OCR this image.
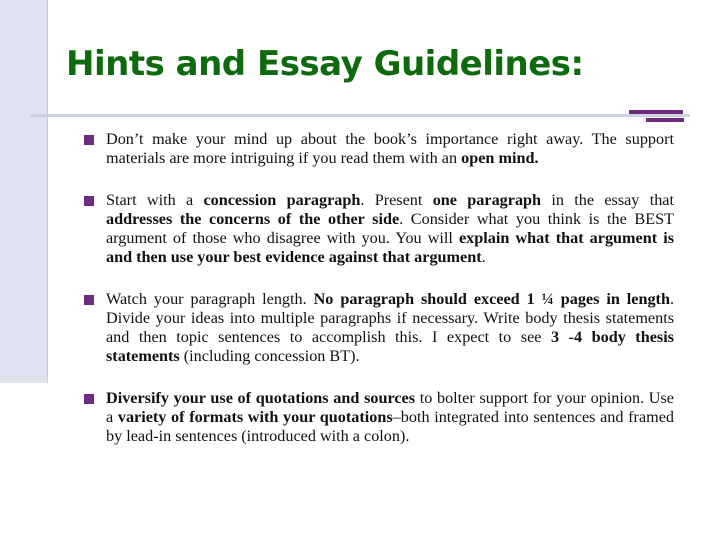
Hints and Essay Guidelines:
Don’t make your mind up about the book’s importance right away. The support materials are more intriguing if you read them with an open mind.
Start with a concession paragraph. Present one paragraph in the essay that addresses the concerns of the other side. Consider what you think is the BEST argument of those who disagree with you. You will explain what that argument is and then use your best evidence against that argument.
Watch your paragraph length. No paragraph should exceed 1 ¼ pages in length. Divide your ideas into multiple paragraphs if necessary. Write body thesis statements and then topic sentences to accomplish this. I expect to see 3 -4 body thesis statements (including concession BT).
Diversify your use of quotations and sources to bolter support for your opinion. Use a variety of formats with your quotations–both integrated into sentences and framed by lead-in sentences (introduced with a colon).
